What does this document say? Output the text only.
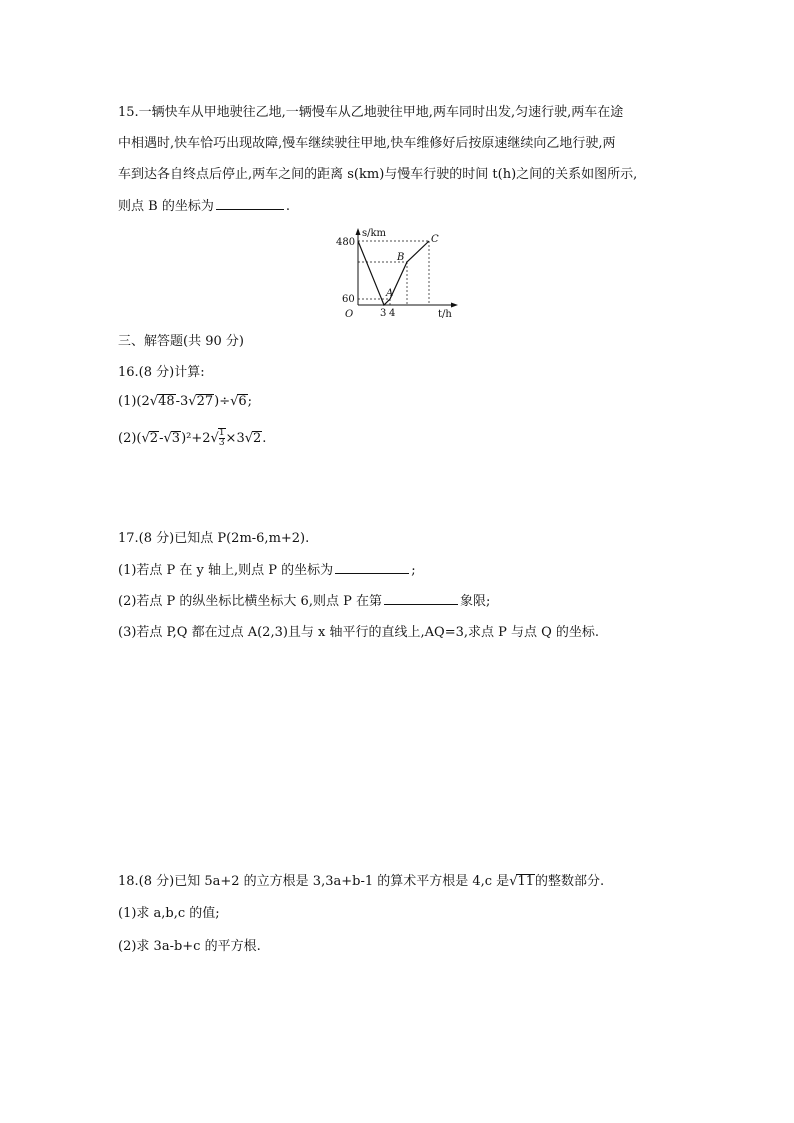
15.一辆快车从甲地驶往乙地,一辆慢车从乙地驶往甲地,两车同时出发,匀速行驶,两车在途
中相遇时,快车恰巧出现故障,慢车继续驶往甲地,快车维修好后按原速继续向乙地行驶,两
车到达各自终点后停止,两车之间的距离 s(km)与慢车行驶的时间 t(h)之间的关系如图所示,
则点 B 的坐标为	.
s/km
t/h
O
480
60
3 4
A
B
C
三、解答题(共 90 分)
16.(8 分)计算:
(1)(2√48-3√27)÷√6;
$(2)(√2-√3)^2+2√ \frac{1}{3} \times 3√2$.
17.(8 分)已知点 P(2m-6,m+2).
(1)若点 P 在 y 轴上,则点 P 的坐标为	;
(2)若点 P 的纵坐标比横坐标大 6,则点 P 在第	象限;
(3)若点 P,Q 都在过点 A(2,3)且与 x 轴平行的直线上,AQ=3,求点 P 与点 Q 的坐标.
18.(8 分)已知 5a+2 的立方根是 3,3a+b-1 的算术平方根是 4,c 是√11的整数部分.
(1)求 a,b,c 的值;
(2)求 3a-b+c 的平方根.
